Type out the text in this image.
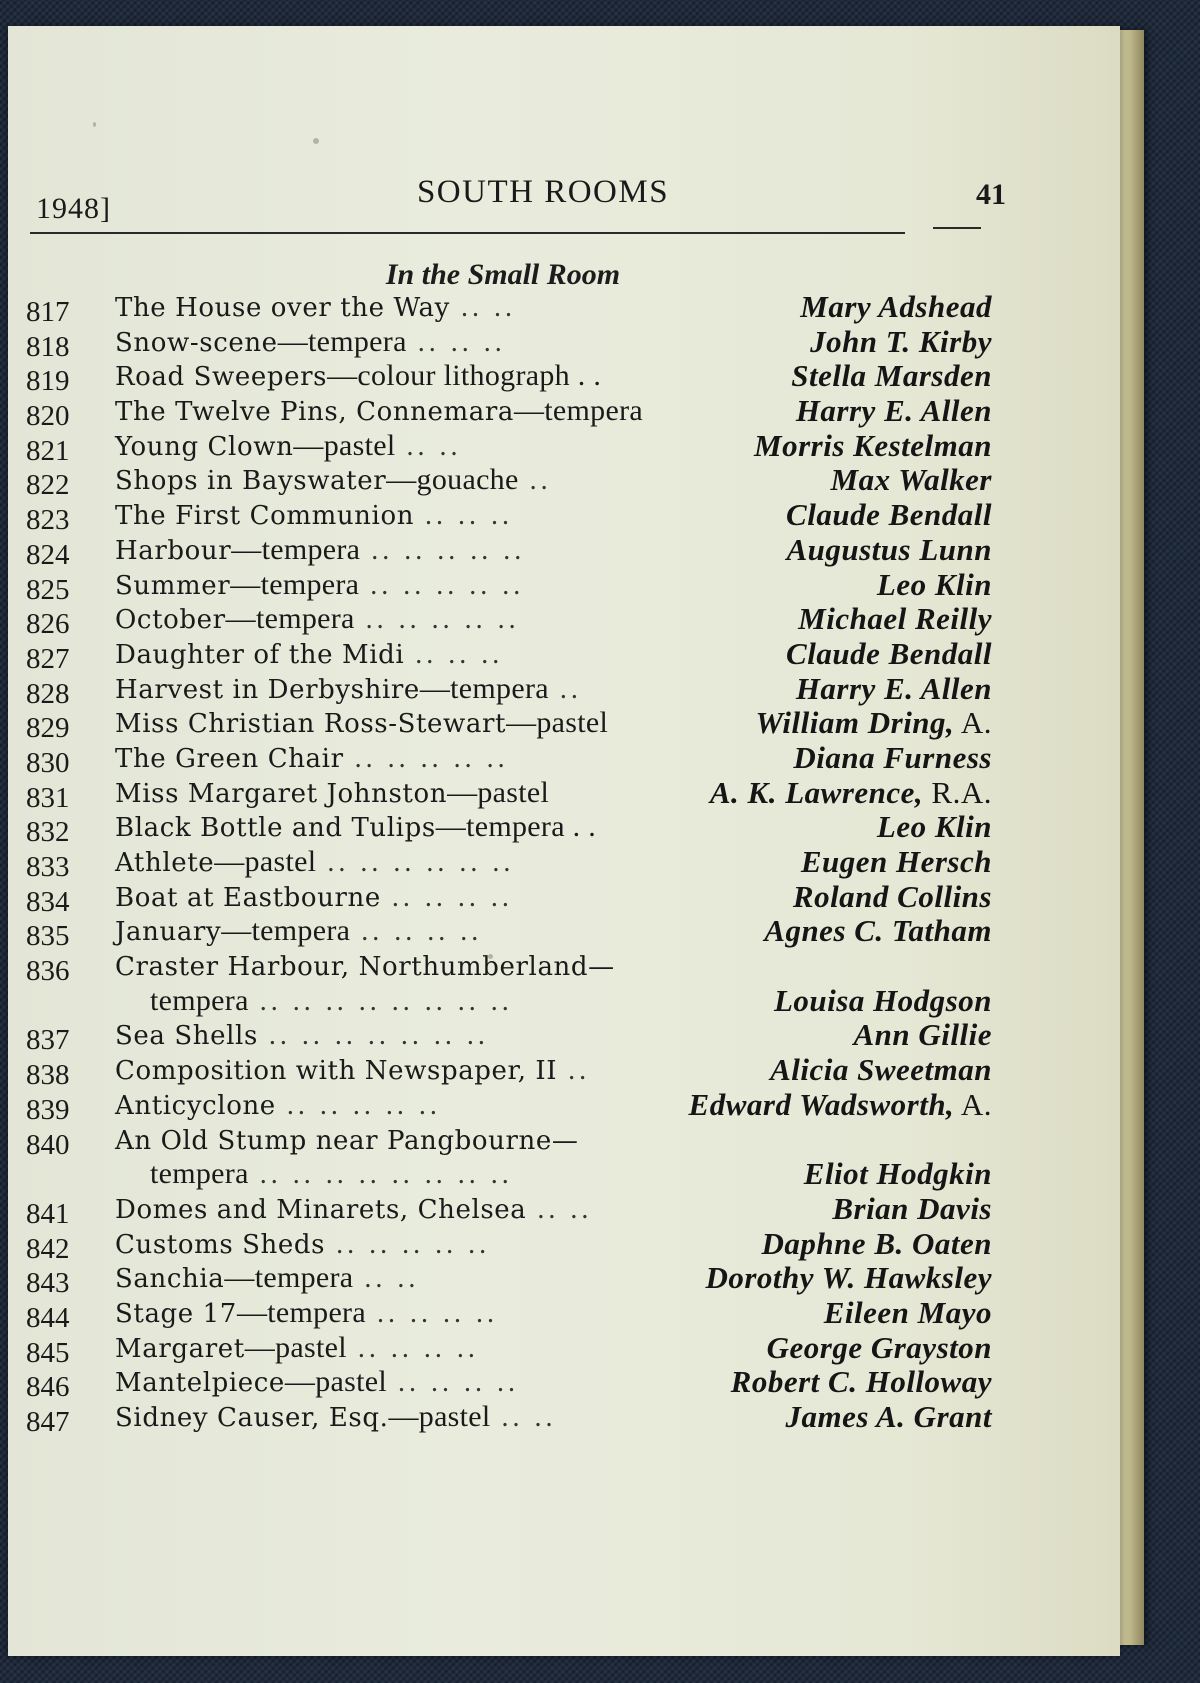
1948]	SOUTH ROOMS	41
In the Small Room
817 The House over the Way .. ..	Mary Adshead
818 Snow-scene—tempera .. .. ..	John T. Kirby
819 Road Sweepers—colour lithograph . .	Stella Marsden
820 The Twelve Pins, Connemara—tempera	Harry E. Allen
821 Young Clown—pastel .. ..	Morris Kestelman
822 Shops in Bayswater—gouache ..	Max Walker
823 The First Communion .. .. ..	Claude Bendall
824 Harbour—tempera .. .. .. .. ..	Augustus Lunn
825 Summer—tempera .. .. .. .. ..	Leo Klin
826 October—tempera .. .. .. .. ..	Michael Reilly
827 Daughter of the Midi .. .. ..	Claude Bendall
828 Harvest in Derbyshire—tempera ..	Harry E. Allen
829 Miss Christian Ross-Stewart—pastel	William Dring, A.
830 The Green Chair .. .. .. .. ..	Diana Furness
831 Miss Margaret Johnston—pastel	A. K. Lawrence, R.A.
832 Black Bottle and Tulips—tempera . .	Leo Klin
833 Athlete—pastel .. .. .. .. .. ..	Eugen Hersch
834 Boat at Eastbourne .. .. .. ..	Roland Collins
835 January—tempera .. .. .. ..	Agnes C. Tatham
836 Craster Harbour, Northumberland—
tempera .. .. .. .. .. .. .. ..	Louisa Hodgson
837 Sea Shells .. .. .. .. .. .. ..	Ann Gillie
838 Composition with Newspaper, II ..	Alicia Sweetman
839 Anticyclone .. .. .. .. ..	Edward Wadsworth, A.
840 An Old Stump near Pangbourne—
tempera .. .. .. .. .. .. .. ..	Eliot Hodgkin
841 Domes and Minarets, Chelsea .. ..	Brian Davis
842 Customs Sheds .. .. .. .. ..	Daphne B. Oaten
843 Sanchia—tempera .. ..	Dorothy W. Hawksley
844 Stage 17—tempera .. .. .. ..	Eileen Mayo
845 Margaret—pastel .. .. .. ..	George Grayston
846 Mantelpiece—pastel .. .. .. ..	Robert C. Holloway
847 Sidney Causer, Esq.—pastel .. ..	James A. Grant
